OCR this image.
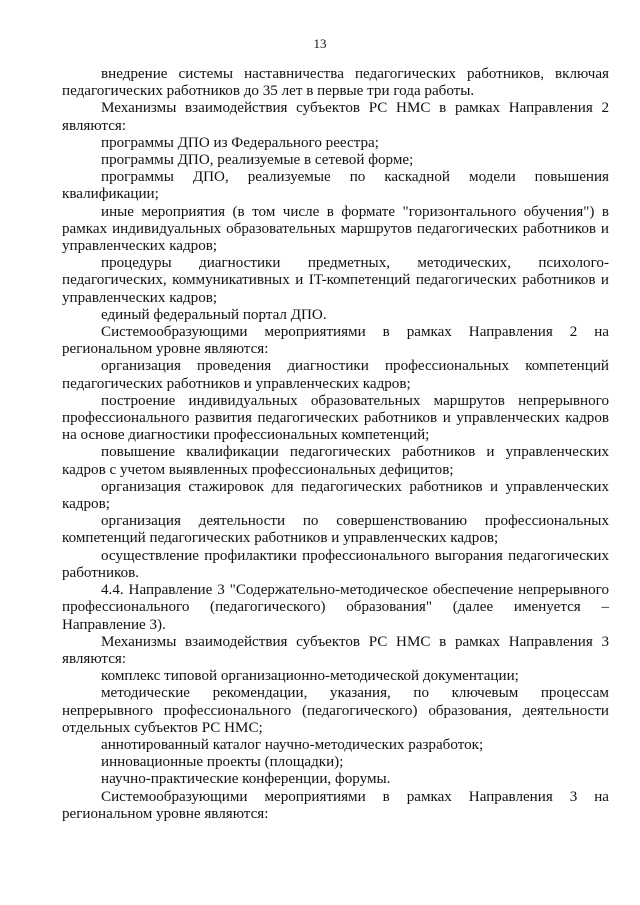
13

внедрение системы наставничества педагогических работников, включая педагогических работников до 35 лет в первые три года работы.

Механизмы взаимодействия субъектов РС НМС в рамках Направления 2 являются:

программы ДПО из Федерального реестра;

программы ДПО, реализуемые в сетевой форме;

программы ДПО, реализуемые по каскадной модели повышения квалификации;

иные мероприятия (в том числе в формате "горизонтального обучения") в рамках индивидуальных образовательных маршрутов педагогических работников и управленческих кадров;

процедуры диагностики предметных, методических, психолого-педагогических, коммуникативных и IT-компетенций педагогических работников и управленческих кадров;

единый федеральный портал ДПО.

Системообразующими мероприятиями в рамках Направления 2 на региональном уровне являются:

организация проведения диагностики профессиональных компетенций педагогических работников и управленческих кадров;

построение индивидуальных образовательных маршрутов непрерывного профессионального развития педагогических работников и управленческих кадров на основе диагностики профессиональных компетенций;

повышение квалификации педагогических работников и управленческих кадров с учетом выявленных профессиональных дефицитов;

организация стажировок для педагогических работников и управленческих кадров;

организация деятельности по совершенствованию профессиональных компетенций педагогических работников и управленческих кадров;

осуществление профилактики профессионального выгорания педагогических работников.

4.4. Направление 3 "Содержательно-методическое обеспечение непрерывного профессионального (педагогического) образования" (далее именуется – Направление 3).

Механизмы взаимодействия субъектов РС НМС в рамках Направления 3 являются:

комплекс типовой организационно-методической документации;

методические рекомендации, указания, по ключевым процессам непрерывного профессионального (педагогического) образования, деятельности отдельных субъектов РС НМС;

аннотированный каталог научно-методических разработок;

инновационные проекты (площадки);

научно-практические конференции, форумы.

Системообразующими мероприятиями в рамках Направления 3 на региональном уровне являются:
